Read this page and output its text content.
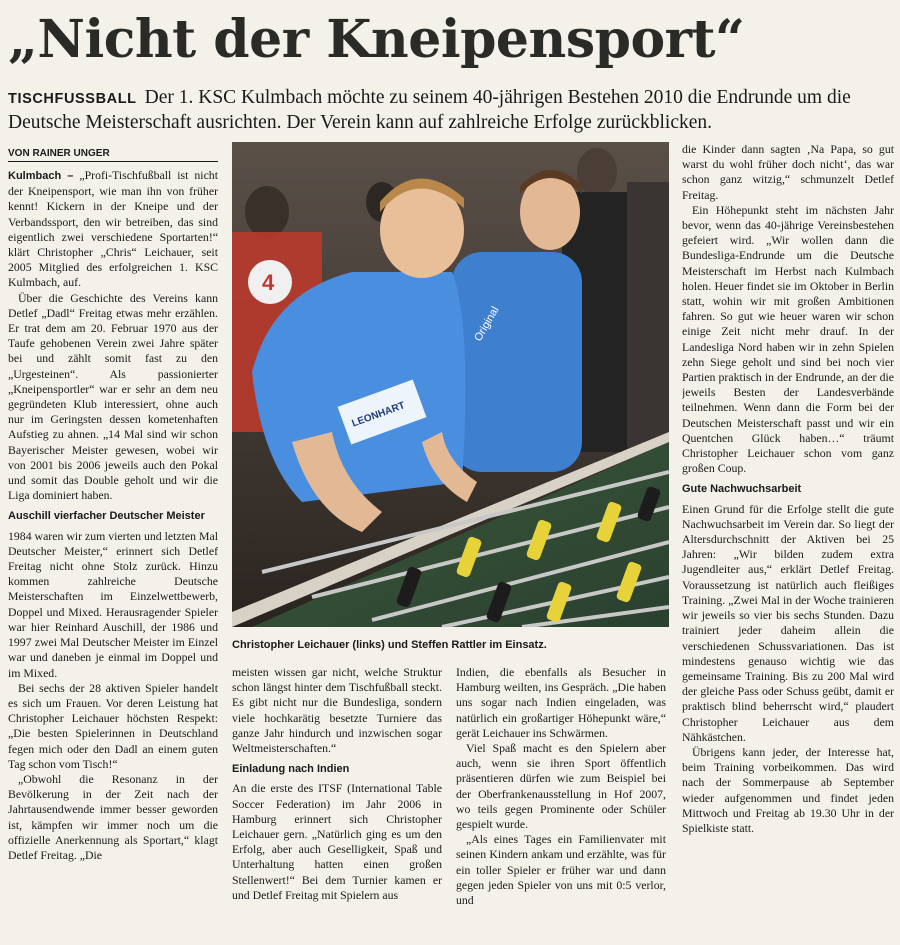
„Nicht der Kneipensport“
TISCHFUSSBALL Der 1. KSC Kulmbach möchte zu seinem 40-jährigen Bestehen 2010 die Endrunde um die Deutsche Meisterschaft ausrichten. Der Verein kann auf zahlreiche Erfolge zurückblicken.
VON RAINER UNGER

Kulmbach – „Profi-Tischfußball ist nicht der Kneipensport, wie man ihn von früher kennt! Kickern in der Kneipe und der Verbandssport, den wir betreiben, das sind eigentlich zwei verschiedene Sportarten!“ klärt Christopher „Chris“ Leichauer, seit 2005 Mitglied des erfolgreichen 1. KSC Kulmbach, auf.

Über die Geschichte des Vereins kann Detlef „Dadl“ Freitag etwas mehr erzählen. Er trat dem am 20. Februar 1970 aus der Taufe gehobenen Verein zwei Jahre später bei und zählt somit fast zu den „Urgesteinen“. Als passionierter „Kneipensportler“ war er sehr an dem neu gegründeten Klub interessiert, ohne auch nur im Geringsten dessen kometenhaften Aufstieg zu ahnen. „14 Mal sind wir schon Bayerischer Meister gewesen, wobei wir von 2001 bis 2006 jeweils auch den Pokal und somit das Double geholt und wir die Liga dominiert haben.

Auschill vierfacher Deutscher Meister

1984 waren wir zum vierten und letzten Mal Deutscher Meister,“ erinnert sich Detlef Freitag nicht ohne Stolz zurück. Hinzu kommen zahlreiche Deutsche Meisterschaften im Einzelwettbewerb, Doppel und Mixed. Herausragender Spieler war hier Reinhard Auschill, der 1986 und 1997 zwei Mal Deutscher Meister im Einzel war und daneben je einmal im Doppel und im Mixed.

Bei sechs der 28 aktiven Spieler handelt es sich um Frauen. Vor deren Leistung hat Christopher Leichauer höchsten Respekt: „Die besten Spielerinnen in Deutschland fegen mich oder den Dadl an einem guten Tag schon vom Tisch!“

„Obwohl die Resonanz in der Bevölkerung in der Zeit nach der Jahrtausendwende immer besser geworden ist, kämpfen wir immer noch um die offizielle Anerkennung als Sportart,“ klagt Detlef Freitag. „Die

4
Original
LEONHART
Christopher Leichauer (links) und Steffen Rattler im Einsatz.

meisten wissen gar nicht, welche Struktur schon längst hinter dem Tischfußball steckt. Es gibt nicht nur die Bundesliga, sondern viele hochkarätig besetzte Turniere das ganze Jahr hindurch und inzwischen sogar Weltmeisterschaften.“

Einladung nach Indien

An die erste des ITSF (International Table Soccer Federation) im Jahr 2006 in Hamburg erinnert sich Christopher Leichauer gern. „Natürlich ging es um den Erfolg, aber auch Geselligkeit, Spaß und Unterhaltung hatten einen großen Stellenwert!“ Bei dem Turnier kamen er und Detlef Freitag mit Spielern aus

Indien, die ebenfalls als Besucher in Hamburg weilten, ins Gespräch. „Die haben uns sogar nach Indien eingeladen, was natürlich ein großartiger Höhepunkt wäre,“ gerät Leichauer ins Schwärmen.

Viel Spaß macht es den Spielern aber auch, wenn sie ihren Sport öffentlich präsentieren dürfen wie zum Beispiel bei der Oberfrankenausstellung in Hof 2007, wo teils gegen Prominente oder Schüler gespielt wurde.

„Als eines Tages ein Familienvater mit seinen Kindern ankam und erzählte, was für ein toller Spieler er früher war und dann gegen jeden Spieler von uns mit 0:5 verlor, und

die Kinder dann sagten ‚Na Papa, so gut warst du wohl früher doch nicht‘, das war schon ganz witzig,“ schmunzelt Detlef Freitag.

Ein Höhepunkt steht im nächsten Jahr bevor, wenn das 40-jährige Vereinsbestehen gefeiert wird. „Wir wollen dann die Bundesliga-Endrunde um die Deutsche Meisterschaft im Herbst nach Kulmbach holen. Heuer findet sie im Oktober in Berlin statt, wohin wir mit großen Ambitionen fahren. So gut wie heuer waren wir schon einige Zeit nicht mehr drauf. In der Landesliga Nord haben wir in zehn Spielen zehn Siege geholt und sind bei noch vier Partien praktisch in der Endrunde, an der die jeweils Besten der Landesverbände teilnehmen. Wenn dann die Form bei der Deutschen Meisterschaft passt und wir ein Quentchen Glück haben…“ träumt Christopher Leichauer schon vom ganz großen Coup.

Gute Nachwuchsarbeit

Einen Grund für die Erfolge stellt die gute Nachwuchsarbeit im Verein dar. So liegt der Altersdurchschnitt der Aktiven bei 25 Jahren: „Wir bilden zudem extra Jugendleiter aus,“ erklärt Detlef Freitag. Voraussetzung ist natürlich auch fleißiges Training. „Zwei Mal in der Woche trainieren wir jeweils so vier bis sechs Stunden. Dazu trainiert jeder daheim allein die verschiedenen Schussvariationen. Das ist mindestens genauso wichtig wie das gemeinsame Training. Bis zu 200 Mal wird der gleiche Pass oder Schuss geübt, damit er praktisch blind beherrscht wird,“ plaudert Christopher Leichauer aus dem Nähkästchen.

Übrigens kann jeder, der Interesse hat, beim Training vorbeikommen. Das wird nach der Sommerpause ab September wieder aufgenommen und findet jeden Mittwoch und Freitag ab 19.30 Uhr in der Spielkiste statt.
